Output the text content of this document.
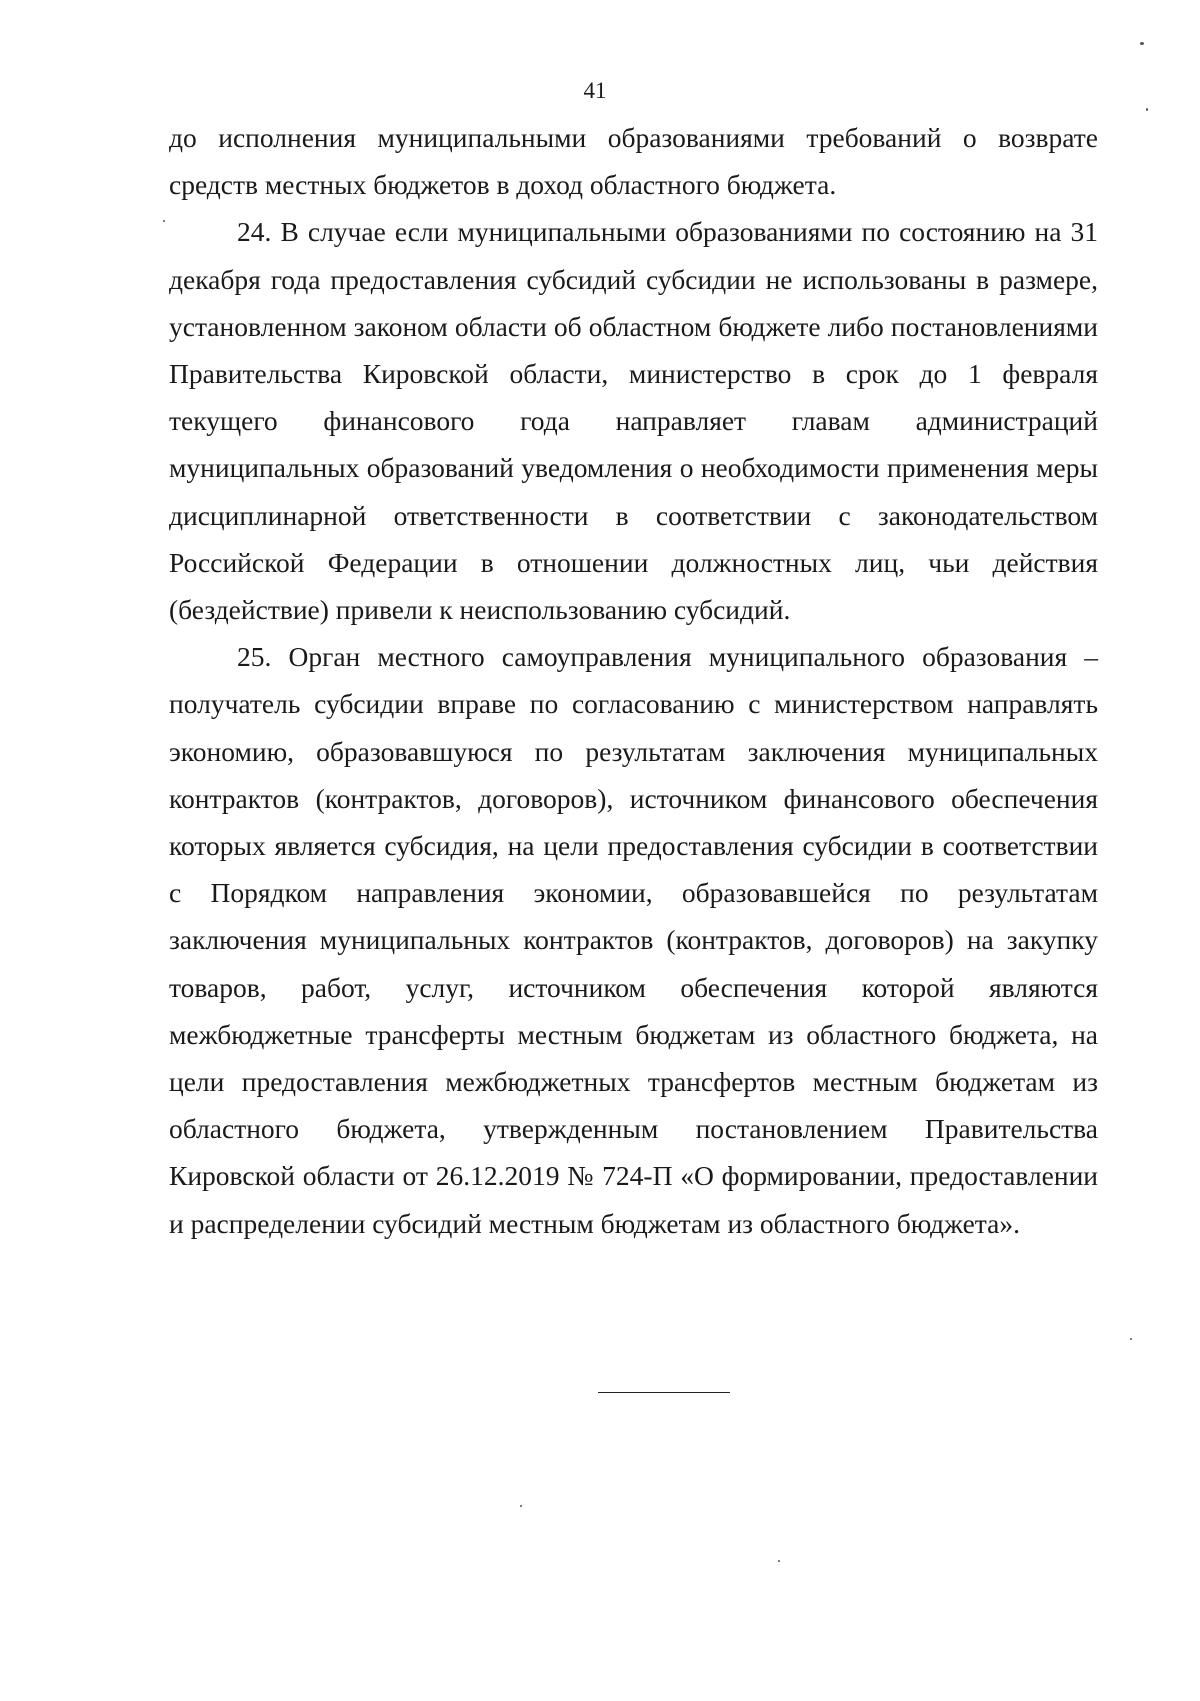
41

до исполнения муниципальными образованиями требований о возврате средств местных бюджетов в доход областного бюджета.

24. В случае если муниципальными образованиями по состоянию на 31 декабря года предоставления субсидий субсидии не использованы в размере, установленном законом области об областном бюджете либо постановлениями Правительства Кировской области, министерство в срок до 1 февраля текущего финансового года направляет главам администраций муниципальных образований уведомления о необходимости применения меры дисциплинарной ответственности в соответствии с законодательством Российской Федерации в отношении должностных лиц, чьи действия (бездействие) привели к неиспользованию субсидий.

25. Орган местного самоуправления муниципального образования – получатель субсидии вправе по согласованию с министерством направлять экономию, образовавшуюся по результатам заключения муниципальных контрактов (контрактов, договоров), источником финансового обеспечения которых является субсидия, на цели предоставления субсидии в соответствии с Порядком направления экономии, образовавшейся по результатам заключения муниципальных контрактов (контрактов, договоров) на закупку товаров, работ, услуг, источником обеспечения которой являются межбюджетные трансферты местным бюджетам из областного бюджета, на цели предоставления межбюджетных трансфертов местным бюджетам из областного бюджета, утвержденным постановлением Правительства Кировской области от 26.12.2019 № 724-П «О формировании, предоставлении и распределении субсидий местным бюджетам из областного бюджета».
